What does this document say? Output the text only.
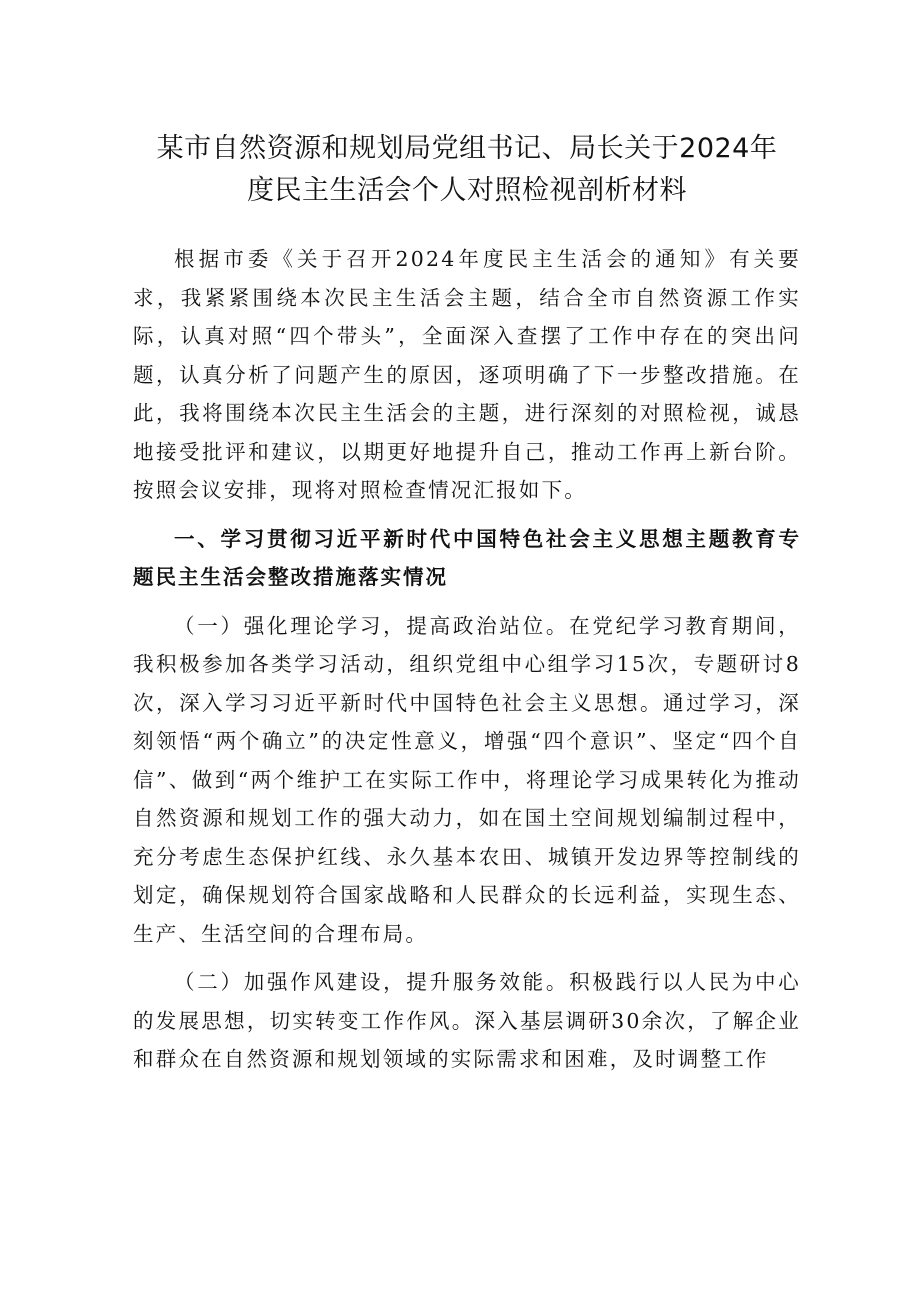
某市自然资源和规划局党组书记、局长关于2024年
度民主生活会个人对照检视剖析材料

根据市委《关于召开2024年度民主生活会的通知》有关要求，我紧紧围绕本次民主生活会主题，结合全市自然资源工作实际，认真对照“四个带头”，全面深入查摆了工作中存在的突出问题，认真分析了问题产生的原因，逐项明确了下一步整改措施。在此，我将围绕本次民主生活会的主题，进行深刻的对照检视，诚恳地接受批评和建议，以期更好地提升自己，推动工作再上新台阶。按照会议安排，现将对照检查情况汇报如下。

一、学习贯彻习近平新时代中国特色社会主义思想主题教育专题民主生活会整改措施落实情况

（一）强化理论学习，提高政治站位。在党纪学习教育期间，我积极参加各类学习活动，组织党组中心组学习15次，专题研讨8次，深入学习习近平新时代中国特色社会主义思想。通过学习，深刻领悟“两个确立”的决定性意义，增强“四个意识”、坚定“四个自信”、做到“两个维护工在实际工作中，将理论学习成果转化为推动自然资源和规划工作的强大动力，如在国土空间规划编制过程中，充分考虑生态保护红线、永久基本农田、城镇开发边界等控制线的划定，确保规划符合国家战略和人民群众的长远利益，实现生态、生产、生活空间的合理布局。

（二）加强作风建设，提升服务效能。积极践行以人民为中心的发展思想，切实转变工作作风。深入基层调研30余次，了解企业和群众在自然资源和规划领域的实际需求和困难，及时调整工作
